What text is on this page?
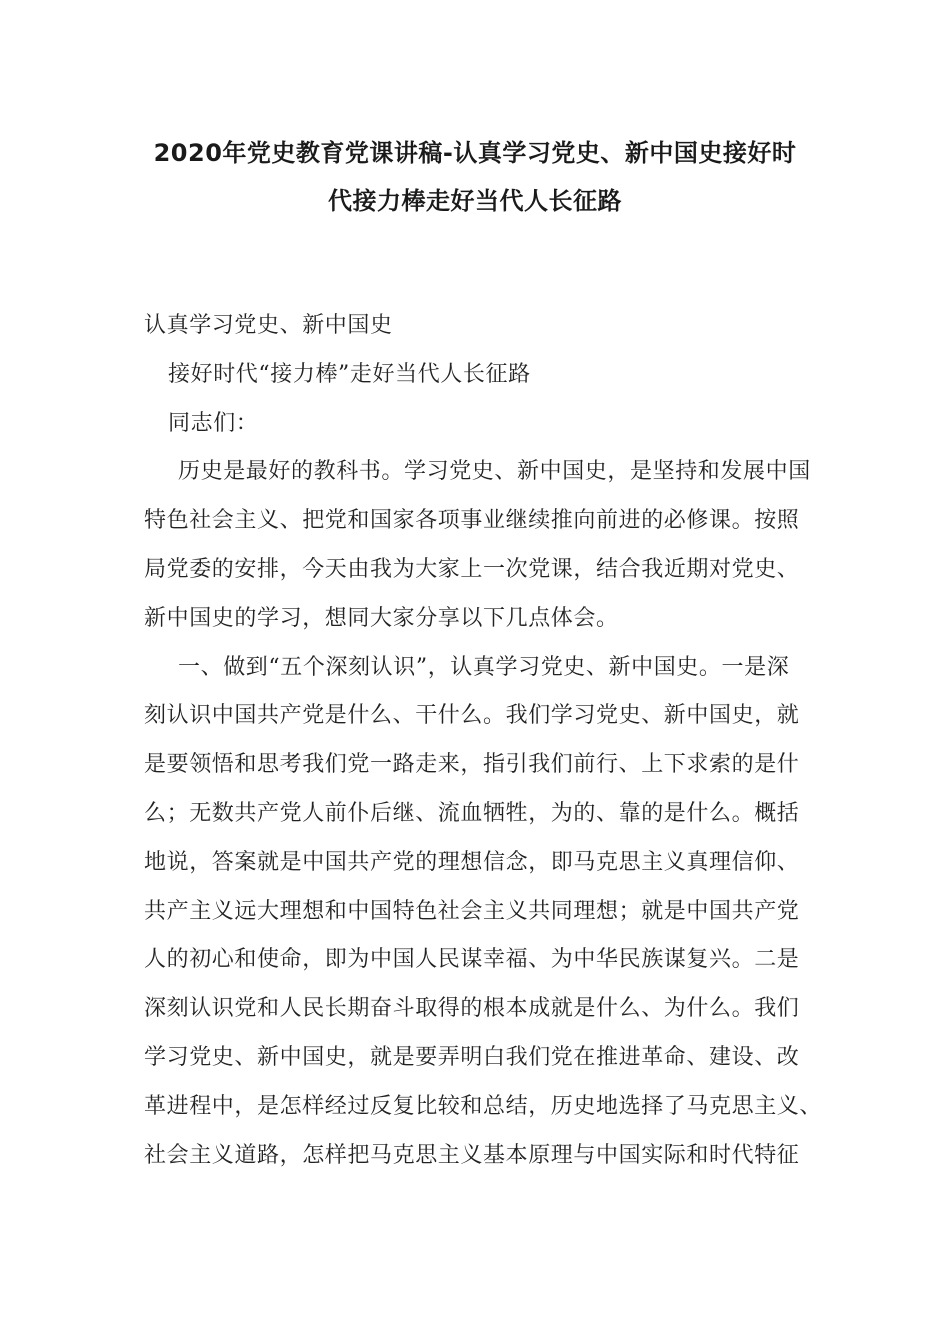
2020年党史教育党课讲稿-认真学习党史、新中国史接好时
代接力棒走好当代人长征路
认真学习党史、新中国史
接好时代“接力棒”走好当代人长征路
同志们：
历史是最好的教科书。学习党史、新中国史，是坚持和发展中国
特色社会主义、把党和国家各项事业继续推向前进的必修课。按照
局党委的安排，今天由我为大家上一次党课，结合我近期对党史、
新中国史的学习，想同大家分享以下几点体会。
一、做到“五个深刻认识”，认真学习党史、新中国史。一是深
刻认识中国共产党是什么、干什么。我们学习党史、新中国史，就
是要领悟和思考我们党一路走来，指引我们前行、上下求索的是什
么；无数共产党人前仆后继、流血牺牲，为的、靠的是什么。概括
地说，答案就是中国共产党的理想信念，即马克思主义真理信仰、
共产主义远大理想和中国特色社会主义共同理想；就是中国共产党
人的初心和使命，即为中国人民谋幸福、为中华民族谋复兴。二是
深刻认识党和人民长期奋斗取得的根本成就是什么、为什么。我们
学习党史、新中国史，就是要弄明白我们党在推进革命、建设、改
革进程中，是怎样经过反复比较和总结，历史地选择了马克思主义、
社会主义道路，怎样把马克思主义基本原理与中国实际和时代特征
